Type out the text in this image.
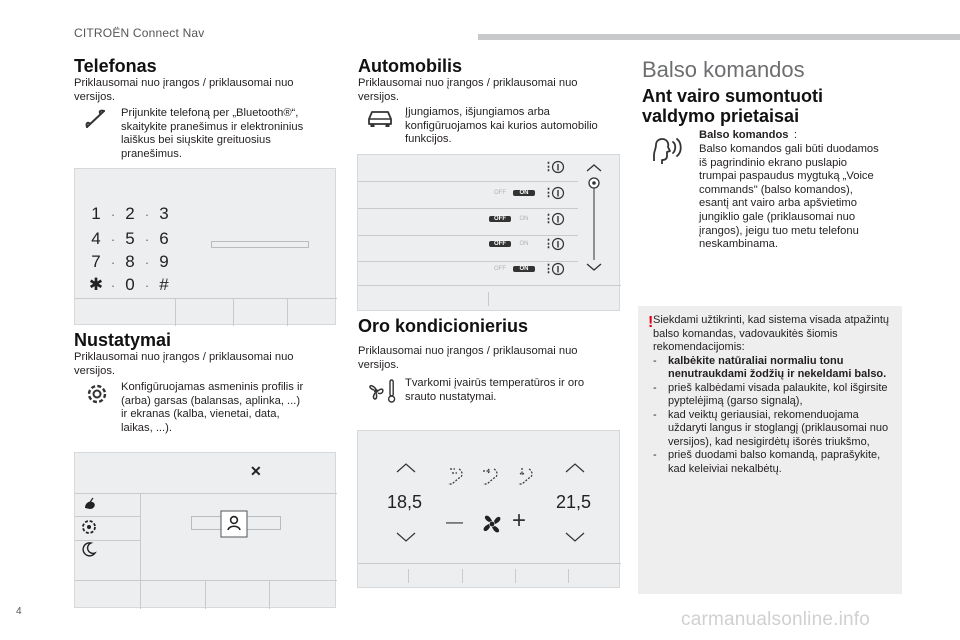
CITROËN Connect Nav
Telefonas
Priklausomai nuo įrangos / priklausomai nuo
versijos.
Prijunkite telefoną per „Bluetooth®“,
skaitykite pranešimus ir elektroninius
laiškus bei siųskite greituosius
pranešimus.
1 · 2 · 3
4 · 5 · 6
7 · 8 · 9
✱ · 0 · #
Nustatymai
Priklausomai nuo įrangos / priklausomai nuo
versijos.
Konfigūruojamas asmeninis profilis ir
(arba) garsas (balansas, aplinka, ...)
ir ekranas (kalba, vienetai, data,
laikas, ...).
✕
Automobilis
Priklausomai nuo įrangos / priklausomai nuo
versijos.
Įjungiamos, išjungiamos arba
konfigūruojamos kai kurios automobilio
funkcijos.
⋮
OFF	ON	⋮
OFF	ON	⋮
OFF	ON	⋮
OFF	ON	⋮
Oro kondicionierius
Priklausomai nuo įrangos / priklausomai nuo
versijos.
Tvarkomi įvairūs temperatūros ir oro
srauto nustatymai.
18,5	21,5
— +
Balso komandos
Ant vairo sumontuoti
valdymo prietaisai
Balso komandos :
Balso komandos gali būti duodamos
iš pagrindinio ekrano puslapio
trumpai paspaudus mygtuką „Voice
commands" (balso komandos),
esantį ant vairo arba apšvietimo
jungiklio gale (priklausomai nuo
įrangos), jeigu tuo metu telefonu
neskambinama.
Siekdami užtikrinti, kad sistema visada atpažintų balso komandas, vadovaukitės šiomis rekomendacijomis:
- kalbėkite natūraliai normaliu tonu nenutraukdami žodžių ir nekeldami balso.
- prieš kalbėdami visada palaukite, kol išgirsite pyptelėjimą (garso signalą),
- kad veiktų geriausiai, rekomenduojama uždaryti langus ir stoglangį (priklausomai nuo versijos), kad nesigirdėtų išorės triukšmo,
- prieš duodami balso komandą, paprašykite, kad keleiviai nekalbėtų.
!
4	carmanualsonline.info
